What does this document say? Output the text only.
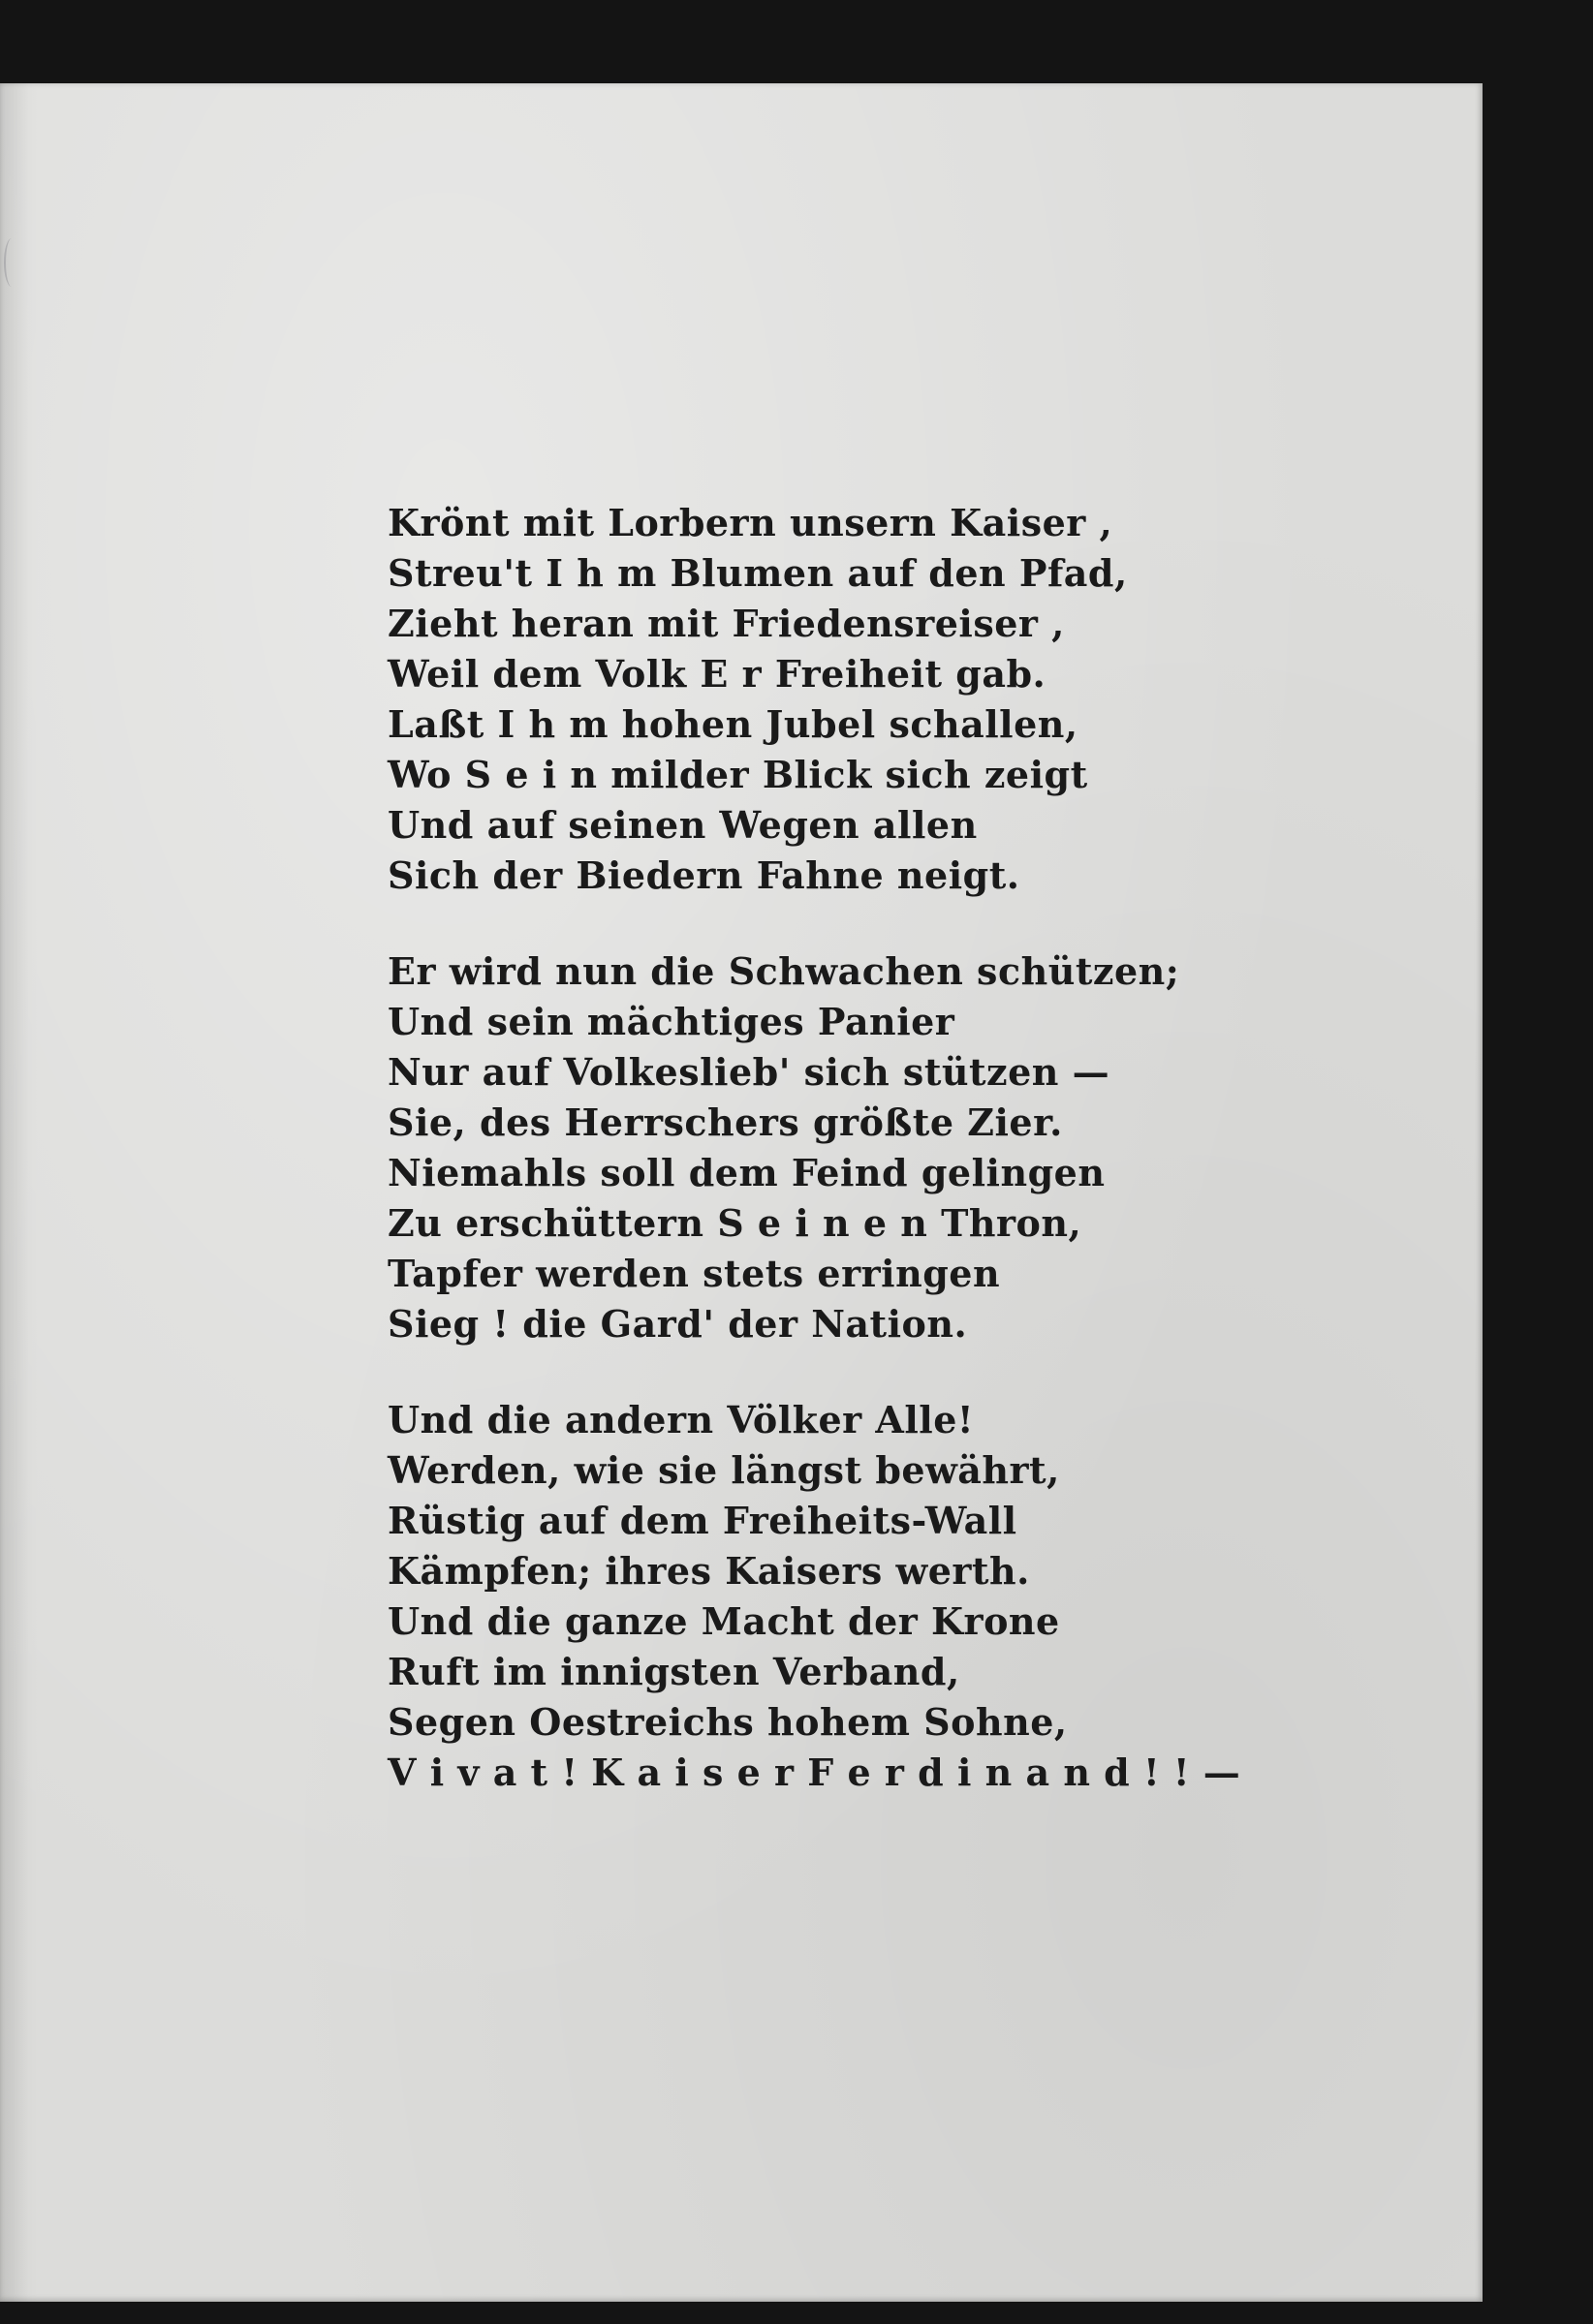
Krönt mit Lorbern unsern Kaiser ,
Streu't I h m Blumen auf den Pfad,
Zieht heran mit Friedensreiser ,
Weil dem Volk E r Freiheit gab.
Laßt I h m hohen Jubel schallen,
Wo S e i n milder Blick sich zeigt
Und auf seinen Wegen allen
Sich der Biedern Fahne neigt.
Er wird nun die Schwachen schützen;
Und sein mächtiges Panier
Nur auf Volkeslieb' sich stützen —
Sie, des Herrschers größte Zier.
Niemahls soll dem Feind gelingen
Zu erschüttern S e i n e n Thron,
Tapfer werden stets erringen
Sieg ! die Gard' der Nation.
Und die andern Völker Alle!
Werden, wie sie längst bewährt,
Rüstig auf dem Freiheits-Wall
Kämpfen; ihres Kaisers werth.
Und die ganze Macht der Krone
Ruft im innigsten Verband,
Segen Oestreichs hohem Sohne,
V i v a t ! K a i s e r F e r d i n a n d ! ! —
